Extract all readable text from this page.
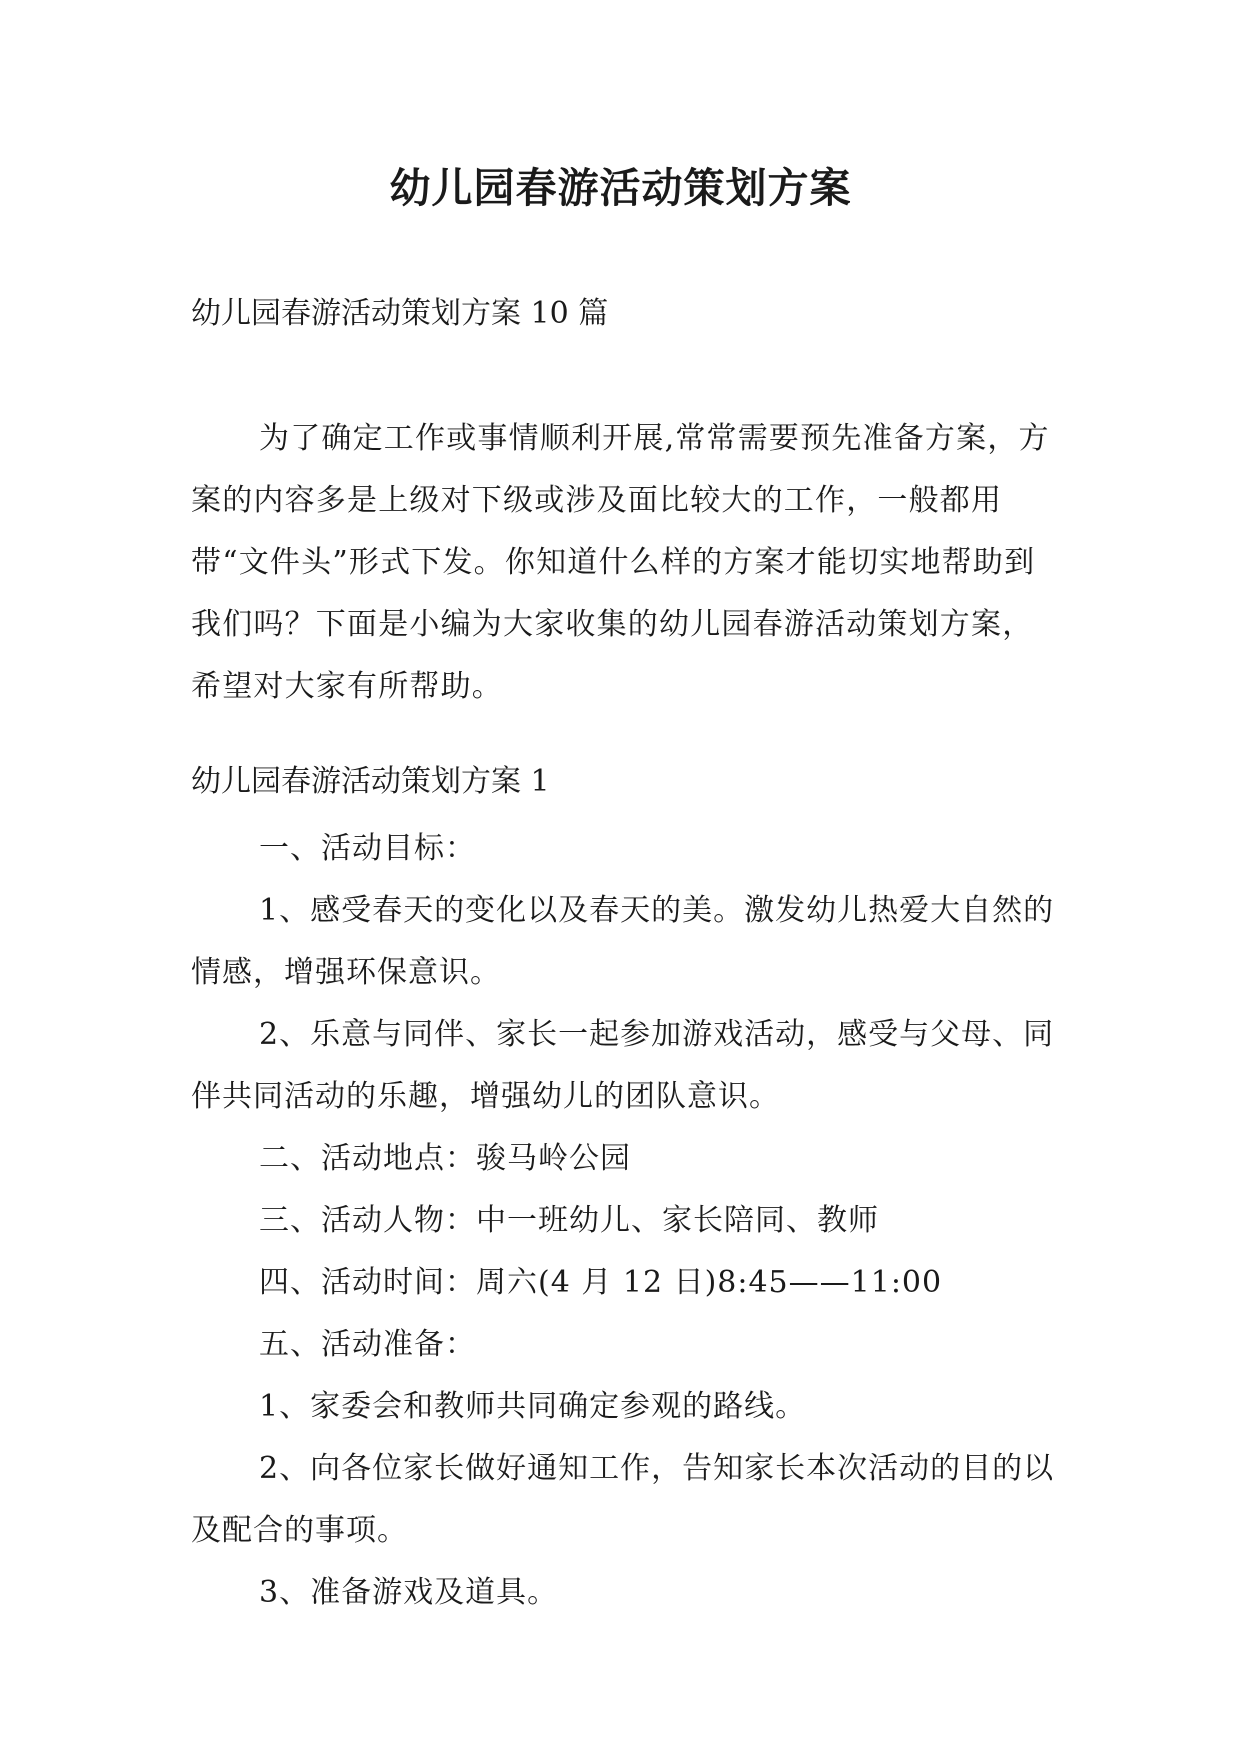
幼儿园春游活动策划方案

幼儿园春游活动策划方案 10 篇

为了确定工作或事情顺利开展,常常需要预先准备方案，方案的内容多是上级对下级或涉及面比较大的工作，一般都用带“文件头”形式下发。你知道什么样的方案才能切实地帮助到我们吗？下面是小编为大家收集的幼儿园春游活动策划方案，希望对大家有所帮助。

幼儿园春游活动策划方案 1

一、活动目标：

1、感受春天的变化以及春天的美。激发幼儿热爱大自然的情感，增强环保意识。

2、乐意与同伴、家长一起参加游戏活动，感受与父母、同伴共同活动的乐趣，增强幼儿的团队意识。

二、活动地点：骏马岭公园

三、活动人物：中一班幼儿、家长陪同、教师

四、活动时间：周六(4 月 12 日)8:45——11:00

五、活动准备：

1、家委会和教师共同确定参观的路线。

2、向各位家长做好通知工作，告知家长本次活动的目的以及配合的事项。

3、准备游戏及道具。
